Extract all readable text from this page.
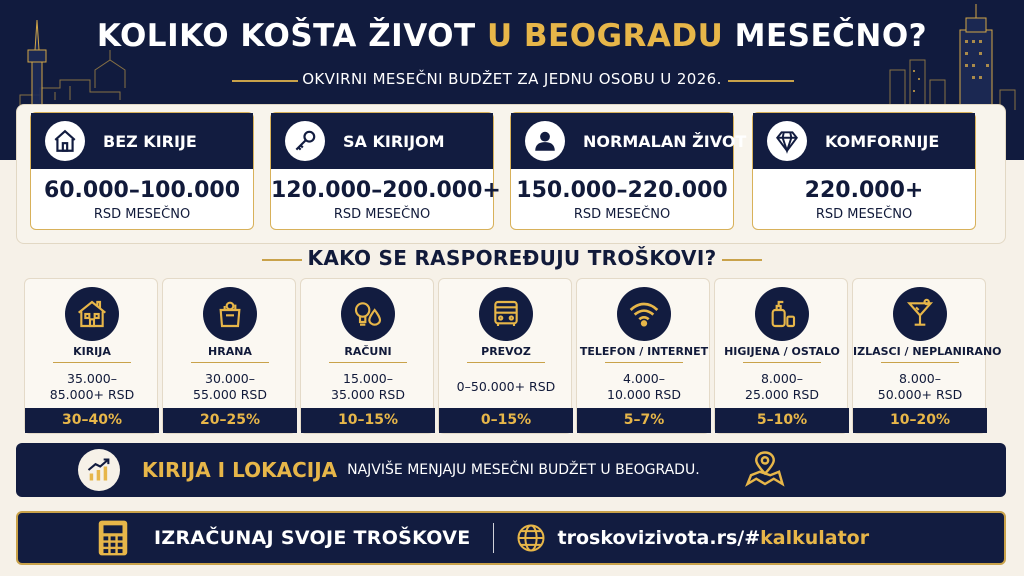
KOLIKO KOŠTA ŽIVOT U BEOGRADU MESEČNO?
OKVIRNI MESEČNI BUDŽET ZA JEDNU OSOBU U 2026.
BEZ KIRIJE
60.000–100.000
RSD MESEČNO
SA KIRIJOM
120.000–200.000+
RSD MESEČNO
NORMALAN ŽIVOT
150.000–220.000
RSD MESEČNO
KOMFORNIJE
220.000+
RSD MESEČNO
KAKO SE RASPOREĐUJU TROŠKOVI?
KIRIJA
35.000–
85.000+ RSD
30–40%
HRANA
30.000–
55.000 RSD
20–25%
RAČUNI
15.000–
35.000 RSD
10–15%
PREVOZ
0–50.000+ RSD
0–15%
TELEFON / INTERNET
4.000–
10.000 RSD
5–7%
HIGIJENA / OSTALO
8.000–
25.000 RSD
5–10%
IZLASCI / NEPLANIRANO
8.000–
50.000+ RSD
10–20%
KIRIJA I LOKACIJA NAJVIŠE MENJAJU MESEČNI BUDŽET U BEOGRADU.
IZRAČUNAJ SVOJE TROŠKOVE	troskovizivota.rs/#kalkulator
